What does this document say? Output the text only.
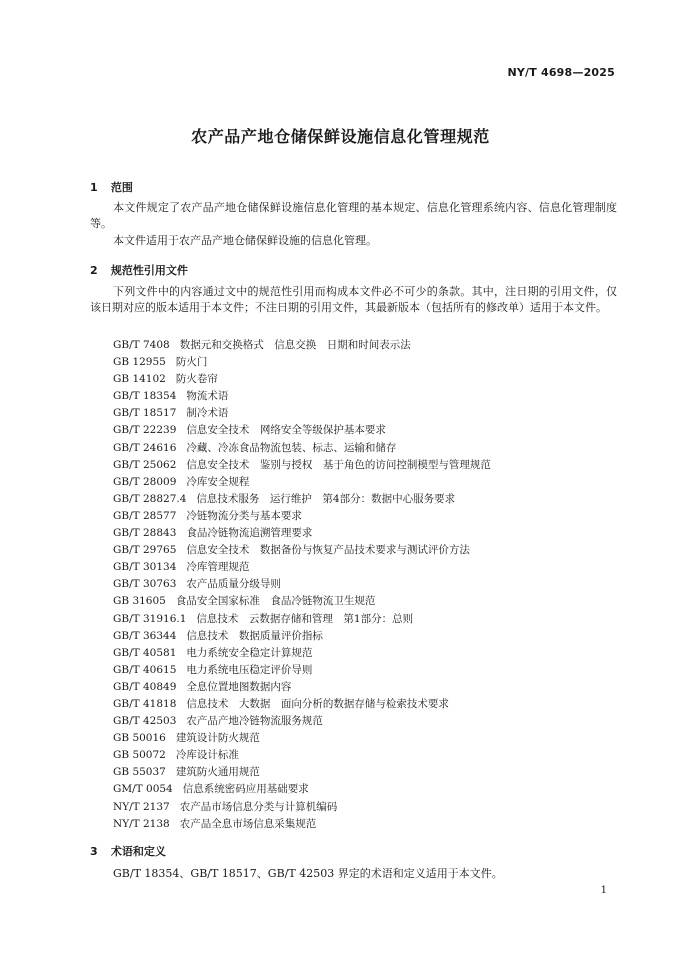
NY/T 4698—2025
农产品产地仓储保鲜设施信息化管理规范
1 范围

本文件规定了农产品产地仓储保鲜设施信息化管理的基本规定、信息化管理系统内容、信息化管理制度等。

本文件适用于农产品产地仓储保鲜设施的信息化管理。

2 规范性引用文件

下列文件中的内容通过文中的规范性引用而构成本文件必不可少的条款。其中，注日期的引用文件，仅该日期对应的版本适用于本文件；不注日期的引用文件，其最新版本（包括所有的修改单）适用于本文件。

GB/T 7408 数据元和交换格式　信息交换　日期和时间表示法
GB 12955 防火门
GB 14102 防火卷帘
GB/T 18354 物流术语
GB/T 18517 制冷术语
GB/T 22239 信息安全技术　网络安全等级保护基本要求
GB/T 24616 冷藏、冷冻食品物流包装、标志、运输和储存
GB/T 25062 信息安全技术　鉴别与授权　基于角色的访问控制模型与管理规范
GB/T 28009 冷库安全规程
GB/T 28827.4 信息技术服务　运行维护　第4部分：数据中心服务要求
GB/T 28577 冷链物流分类与基本要求
GB/T 28843 食品冷链物流追溯管理要求
GB/T 29765 信息安全技术　数据备份与恢复产品技术要求与测试评价方法
GB/T 30134 冷库管理规范
GB/T 30763 农产品质量分级导则
GB 31605 食品安全国家标准　食品冷链物流卫生规范
GB/T 31916.1 信息技术　云数据存储和管理　第1部分：总则
GB/T 36344 信息技术　数据质量评价指标
GB/T 40581 电力系统安全稳定计算规范
GB/T 40615 电力系统电压稳定评价导则
GB/T 40849 全息位置地图数据内容
GB/T 41818 信息技术　大数据　面向分析的数据存储与检索技术要求
GB/T 42503 农产品产地冷链物流服务规范
GB 50016 建筑设计防火规范
GB 50072 冷库设计标准
GB 55037 建筑防火通用规范
GM/T 0054 信息系统密码应用基础要求
NY/T 2137 农产品市场信息分类与计算机编码
NY/T 2138 农产品全息市场信息采集规范
3 术语和定义

GB/T 18354、GB/T 18517、GB/T 42503 界定的术语和定义适用于本文件。

1
